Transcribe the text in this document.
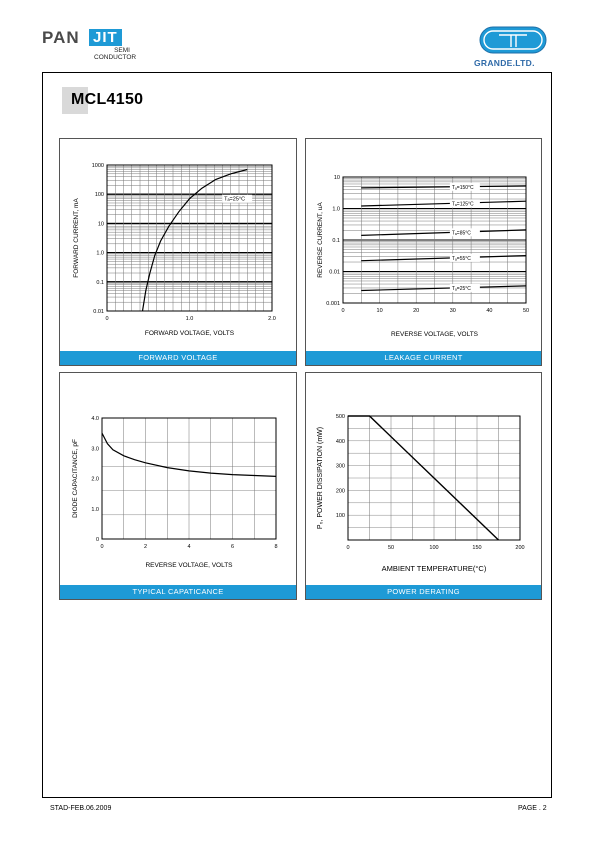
PAN JIT
SEMI
CONDUCTOR
GRANDE.LTD.
MCL4150
0	1.0	2.0
0.01
0.1
1.0
10
100
1000
FORWARD VOLTAGE, VOLTS
FORWARD CURRENT, mA	Tₐ=25°C
FORWARD VOLTAGE
0	10	20	30	40	50
0.001
0.01
0.1
1.0
10
REVERSE VOLTAGE, VOLTS
REVERSE CURRENT, uA
Tₐ=150°C
Tₐ=125°C
Tₐ=85°C
Tₐ=55°C
Tₐ=25°C
LEAKAGE CURRENT
0	2	4	6	8
0
1.0
2.0
3.0
4.0
REVERSE VOLTAGE, VOLTS
DIODE CAPACITANCE, pF
TYPICAL CAPATICANCE
0	50	100	150	200
100
200
300
400
500
AMBIENT TEMPERATURE(°C)
P₀, POWER DISSIPATION (mW)
POWER DERATING
STAD-FEB.06.2009	PAGE . 2
